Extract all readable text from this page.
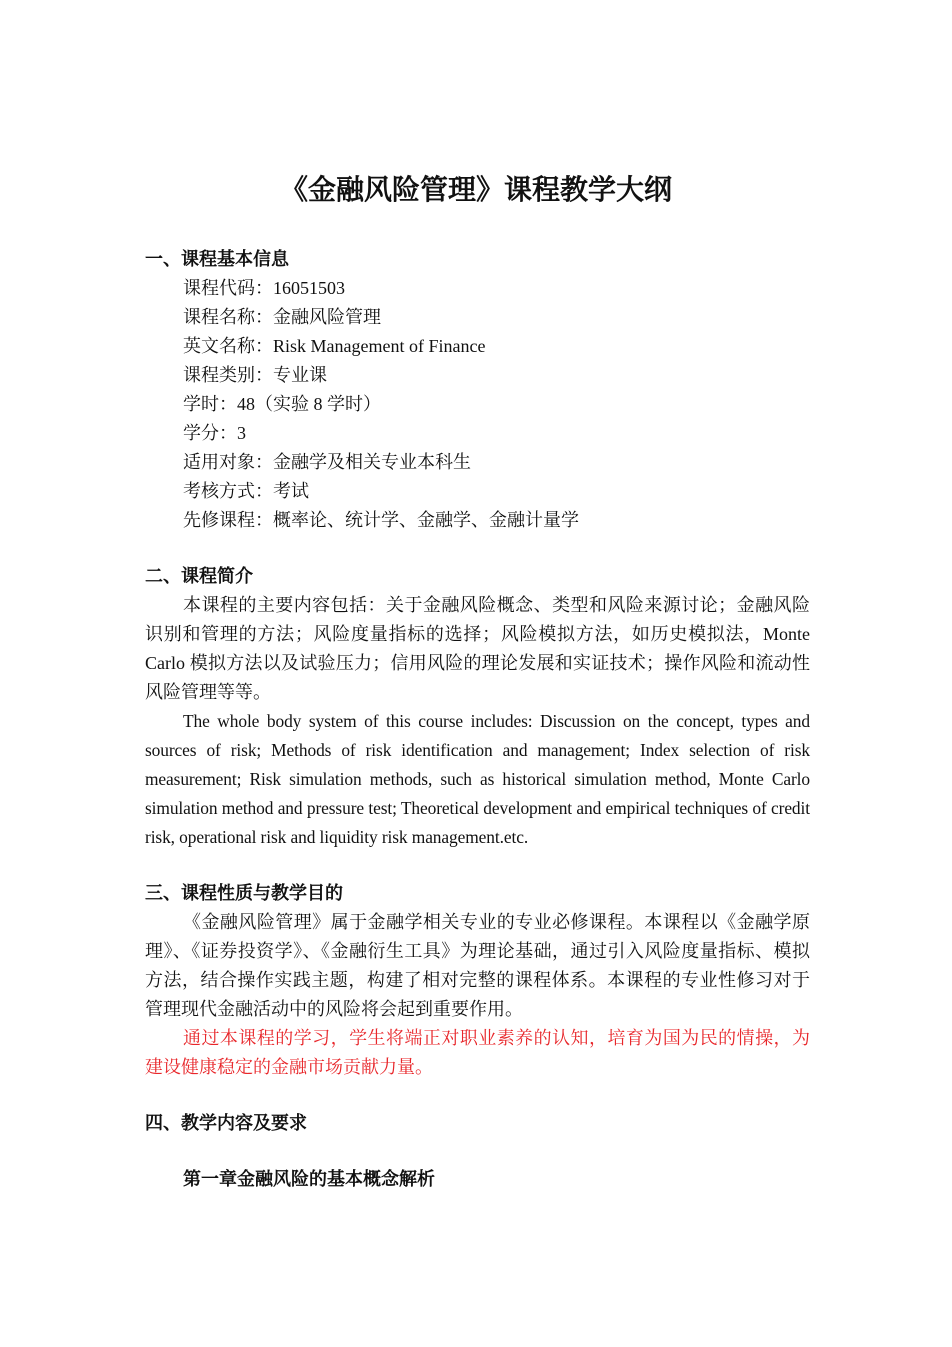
《金融风险管理》课程教学大纲
一、课程基本信息
课程代码：16051503
课程名称：金融风险管理
英文名称：Risk Management of Finance
课程类别：专业课
学时：48（实验 8 学时）
学分：3
适用对象：金融学及相关专业本科生
考核方式：考试
先修课程：概率论、统计学、金融学、金融计量学
二、课程简介

本课程的主要内容包括：关于金融风险概念、类型和风险来源讨论；金融风险识别和管理的方法；风险度量指标的选择；风险模拟方法，如历史模拟法，Monte Carlo 模拟方法以及试验压力；信用风险的理论发展和实证技术；操作风险和流动性风险管理等等。

The whole body system of this course includes: Discussion on the concept, types and sources of risk; Methods of risk identification and management; Index selection of risk measurement; Risk simulation methods, such as historical simulation method, Monte Carlo simulation method and pressure test; Theoretical development and empirical techniques of credit risk, operational risk and liquidity risk management.etc.

三、课程性质与教学目的

《金融风险管理》属于金融学相关专业的专业必修课程。本课程以《金融学原理》、《证券投资学》、《金融衍生工具》为理论基础，通过引入风险度量指标、模拟方法，结合操作实践主题，构建了相对完整的课程体系。本课程的专业性修习对于管理现代金融活动中的风险将会起到重要作用。

通过本课程的学习，学生将端正对职业素养的认知，培育为国为民的情操，为建设健康稳定的金融市场贡献力量。

四、教学内容及要求
第一章金融风险的基本概念解析
